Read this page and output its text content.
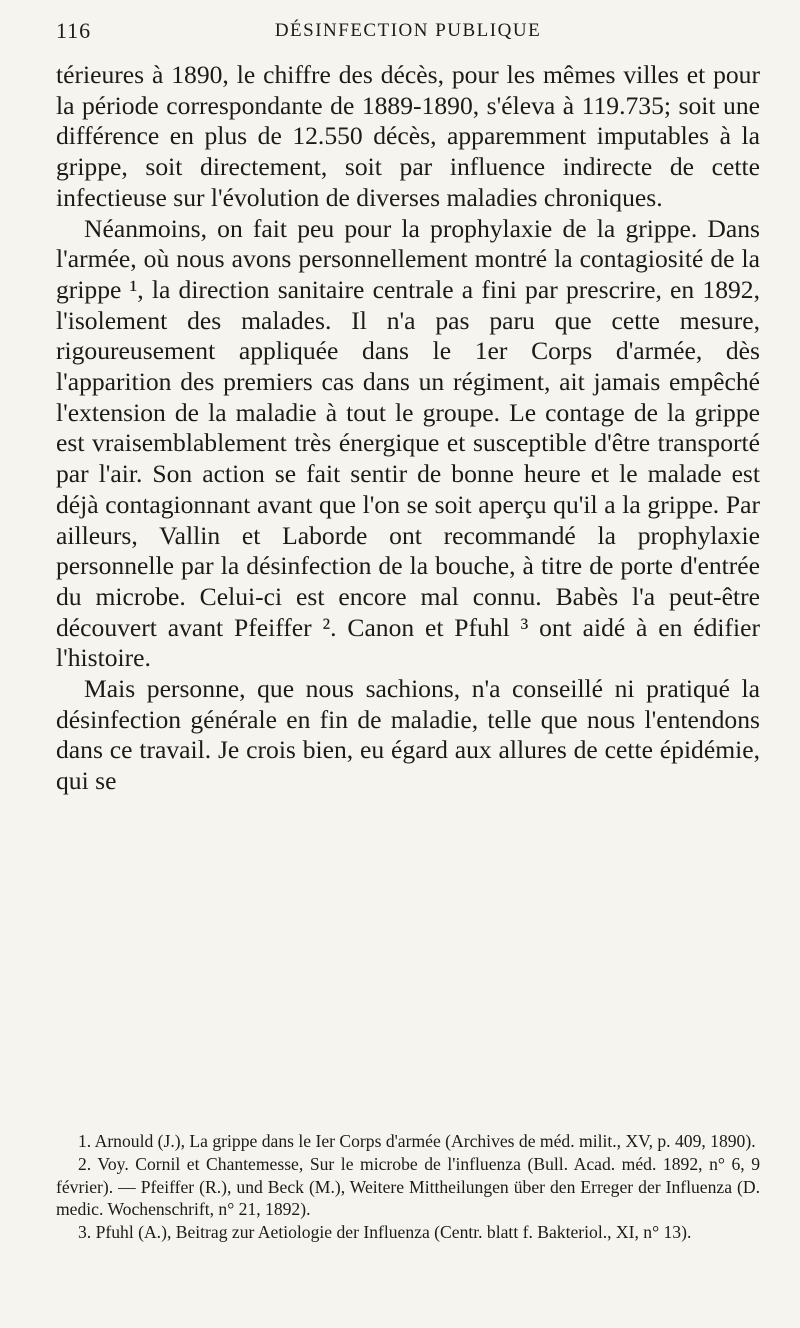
116	DÉSINFECTION PUBLIQUE

térieures à 1890, le chiffre des décès, pour les mêmes villes et pour la période correspondante de 1889-1890, s'éleva à 119.735; soit une différence en plus de 12.550 décès, apparemment imputables à la grippe, soit directement, soit par influence indirecte de cette infectieuse sur l'évolution de diverses maladies chroniques.

Néanmoins, on fait peu pour la prophylaxie de la grippe. Dans l'armée, où nous avons personnellement montré la contagiosité de la grippe ¹, la direction sanitaire centrale a fini par prescrire, en 1892, l'isolement des malades. Il n'a pas paru que cette mesure, rigoureusement appliquée dans le 1er Corps d'armée, dès l'apparition des premiers cas dans un régiment, ait jamais empêché l'extension de la maladie à tout le groupe. Le contage de la grippe est vraisemblablement très énergique et susceptible d'être transporté par l'air. Son action se fait sentir de bonne heure et le malade est déjà contagionnant avant que l'on se soit aperçu qu'il a la grippe. Par ailleurs, Vallin et Laborde ont recommandé la prophylaxie personnelle par la désinfection de la bouche, à titre de porte d'entrée du microbe. Celui-ci est encore mal connu. Babès l'a peut-être découvert avant Pfeiffer ². Canon et Pfuhl ³ ont aidé à en édifier l'histoire.

Mais personne, que nous sachions, n'a conseillé ni pratiqué la désinfection générale en fin de maladie, telle que nous l'entendons dans ce travail. Je crois bien, eu égard aux allures de cette épidémie, qui se

1. Arnould (J.), La grippe dans le Ier Corps d'armée (Archives de méd. milit., XV, p. 409, 1890).

2. Voy. Cornil et Chantemesse, Sur le microbe de l'influenza (Bull. Acad. méd. 1892, n° 6, 9 février). — Pfeiffer (R.), und Beck (M.), Weitere Mittheilungen über den Erreger der Influenza (D. medic. Wochenschrift, n° 21, 1892).

3. Pfuhl (A.), Beitrag zur Aetiologie der Influenza (Centr. blatt f. Bakteriol., XI, n° 13).
